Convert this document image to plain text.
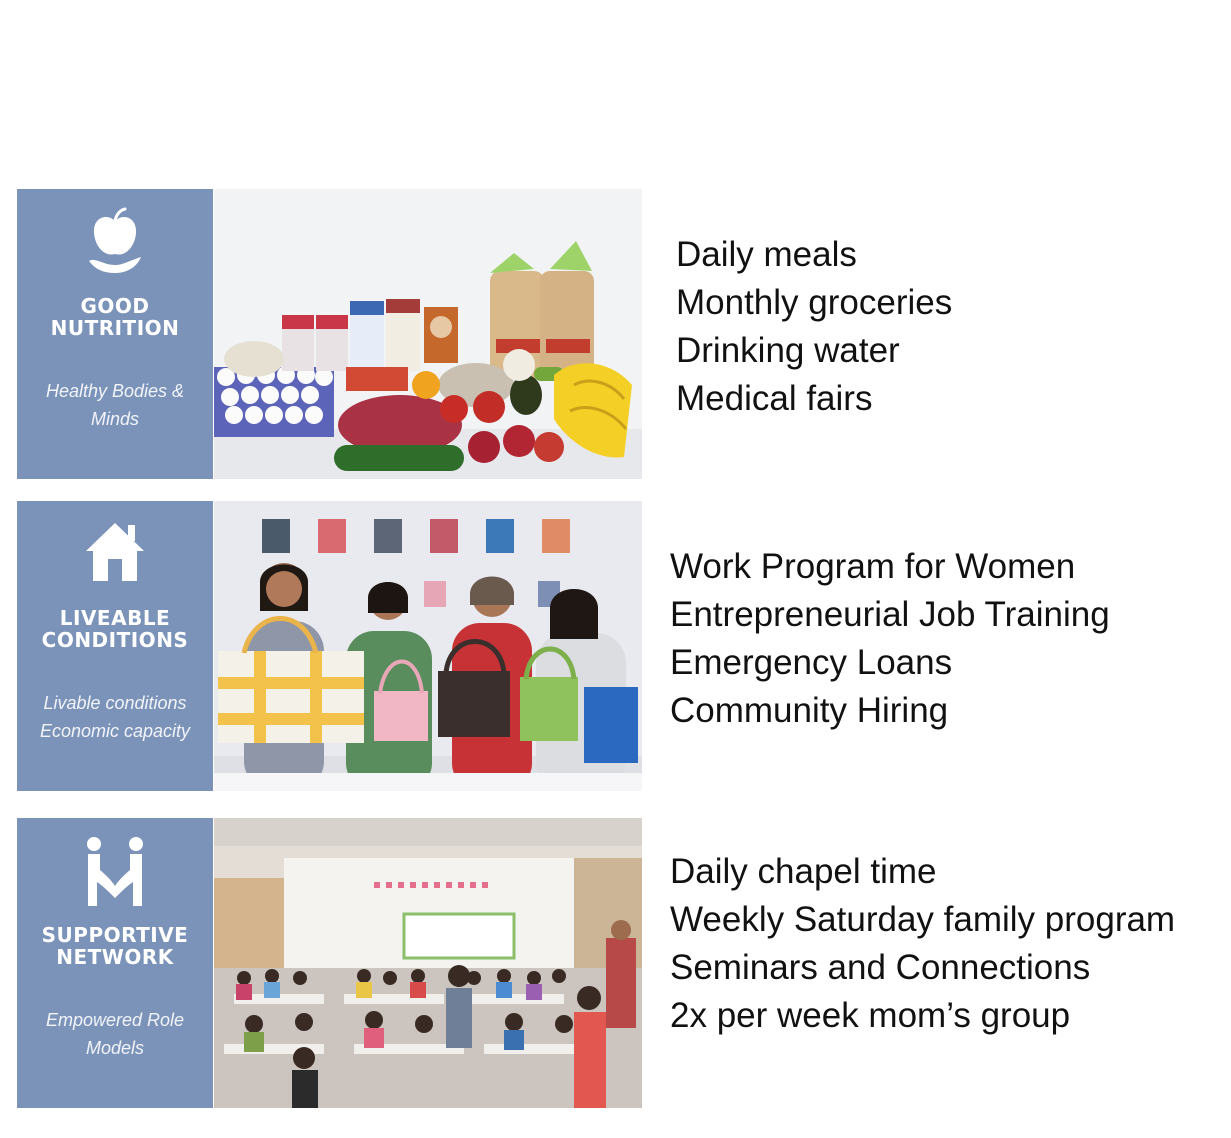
GOOD
NUTRITION
Healthy Bodies &
Minds
Daily meals
Monthly groceries
Drinking water
Medical fairs
LIVEABLE
CONDITIONS
Livable conditions
Economic capacity
Work Program for Women
Entrepreneurial Job Training
Emergency Loans
Community Hiring
SUPPORTIVE
NETWORK
Empowered Role
Models
Daily chapel time
Weekly Saturday family program
Seminars and Connections
2x per week mom’s group
